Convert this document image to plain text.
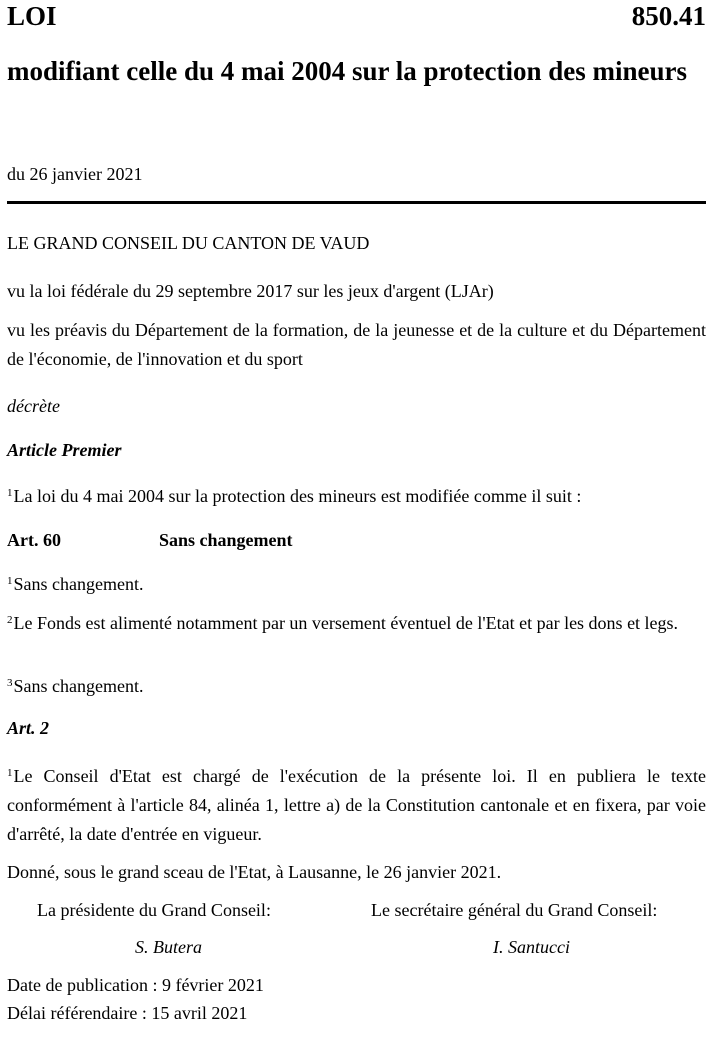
LOI	850.41
modifiant celle du 4 mai 2004 sur la protection des mineurs
du 26 janvier 2021
LE GRAND CONSEIL DU CANTON DE VAUD
vu la loi fédérale du 29 septembre 2017 sur les jeux d'argent (LJAr)
vu les préavis du Département de la formation, de la jeunesse et de la culture et du Département de l'économie, de l'innovation et du sport
décrète
Article Premier
$^1$La loi du 4 mai 2004 sur la protection des mineurs est modifiée comme il suit :
Art. 60	Sans changement
$^1$Sans changement.
$^2$Le Fonds est alimenté notamment par un versement éventuel de l'Etat et par les dons et legs.
$^3$Sans changement.
Art. 2
$^1$Le Conseil d'Etat est chargé de l'exécution de la présente loi. Il en publiera le texte conformément à l'article 84, alinéa 1, lettre a) de la Constitution cantonale et en fixera, par voie d'arrêté, la date d'entrée en vigueur.
Donné, sous le grand sceau de l'Etat, à Lausanne, le 26 janvier 2021.
La présidente du Grand Conseil:	Le secrétaire général du Grand Conseil:
S. Butera	I. Santucci
Date de publication : 9 février 2021
Délai référendaire : 15 avril 2021
